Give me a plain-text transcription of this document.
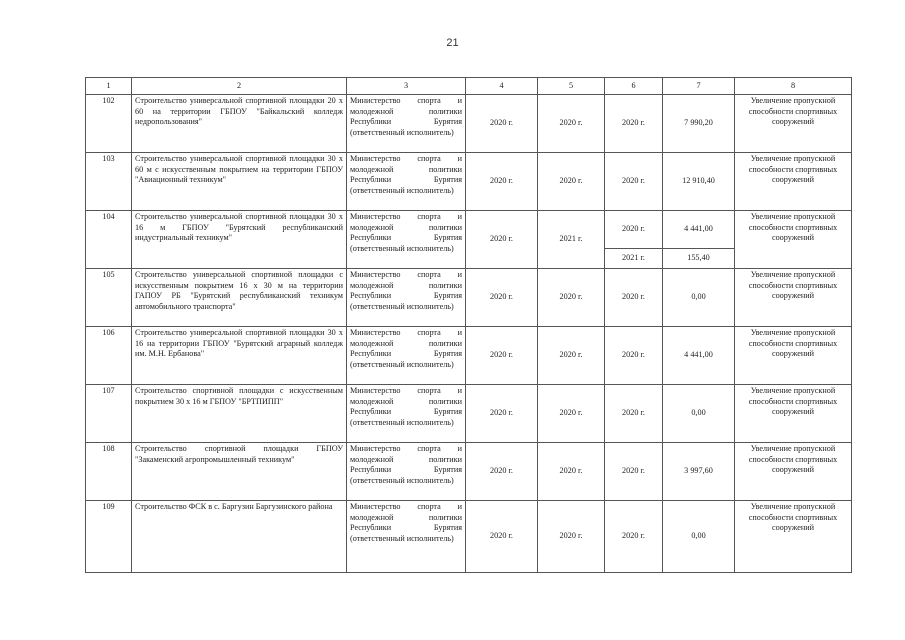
21
1	2	3	4	5	6	7	8
102	Строительство универсальной спортивной площадки 20 х 60 на территории ГБПОУ "Байкальский колледж недропользования"	Министерство спорта и молодежной политики Республики Бурятия (ответственный исполнитель)	2020 г.	2020 г.	2020 г.	7 990,20	Увеличение пропускной способности спортивных сооружений
103	Строительство универсальной спортивной площадки 30 х 60 м с искусственным покрытием на территории ГБПОУ "Авиационный техникум"	Министерство спорта и молодежной политики Республики Бурятия (ответственный исполнитель)	2020 г.	2020 г.	2020 г.	12 910,40	Увеличение пропускной способности спортивных сооружений
104	Строительство универсальной спортивной площадки 30 х 16 м ГБПОУ "Бурятский республиканский индустриальный техникум"	Министерство спорта и молодежной политики Республики Бурятия (ответственный исполнитель)	2020 г.	2021 г.	2020 г.	4 441,00	Увеличение пропускной способности спортивных сооружений
					2021 г.	155,40	
105	Строительство универсальной спортивной площадки с искусственным покрытием 16 х 30 м на территории ГАПОУ РБ "Бурятский республиканский техникум автомобильного транспорта"	Министерство спорта и молодежной политики Республики Бурятия (ответственный исполнитель)	2020 г.	2020 г.	2020 г.	0,00	Увеличение пропускной способности спортивных сооружений
106	Строительство универсальной спортивной площадки 30 х 16 на территории ГБПОУ "Бурятский аграрный колледж им. М.Н. Ербанова"	Министерство спорта и молодежной политики Республики Бурятия (ответственный исполнитель)	2020 г.	2020 г.	2020 г.	4 441,00	Увеличение пропускной способности спортивных сооружений
107	Строительство спортивной площадки с искусственным покрытием 30 х 16 м ГБПОУ "БРТПИПП"	Министерство спорта и молодежной политики Республики Бурятия (ответственный исполнитель)	2020 г.	2020 г.	2020 г.	0,00	Увеличение пропускной способности спортивных сооружений
108	Строительство спортивной площадки ГБПОУ "Закаменский агропромышленный техникум"	Министерство спорта и молодежной политики Республики Бурятия (ответственный исполнитель)	2020 г.	2020 г.	2020 г.	3 997,60	Увеличение пропускной способности спортивных сооружений
109	Строительство ФСК в с. Баргузин Баргузинского района	Министерство спорта и молодежной политики Республики Бурятия (ответственный исполнитель)	2020 г.	2020 г.	2020 г.	0,00	Увеличение пропускной способности спортивных сооружений
